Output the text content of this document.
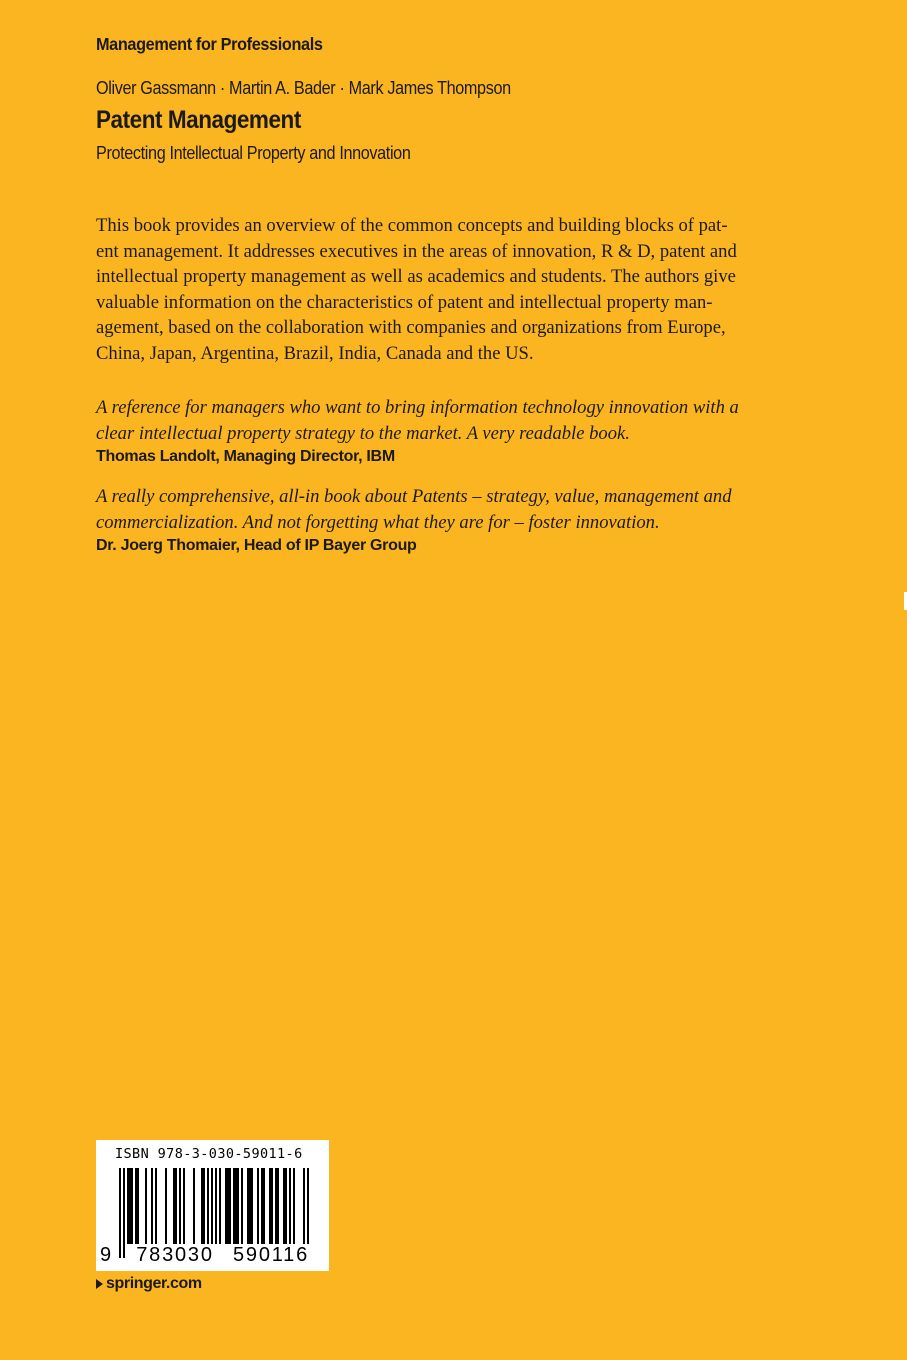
Management for Professionals
Oliver Gassmann · Martin A. Bader · Mark James Thompson
Patent Management
Protecting Intellectual Property and Innovation
This book provides an overview of the common concepts and building blocks of pat-
ent management. It addresses executives in the areas of innovation, R & D, patent and
intellectual property management as well as academics and students. The authors give
valuable information on the characteristics of patent and intellectual property man-
agement, based on the collaboration with companies and organizations from Europe,
China, Japan, Argentina, Brazil, India, Canada and the US.
A reference for managers who want to bring information technology innovation with a
clear intellectual property strategy to the market. A very readable book.
Thomas Landolt, Managing Director, IBM
A really comprehensive, all-in book about Patents – strategy, value, management and
commercialization. And not forgetting what they are for – foster innovation.
Dr. Joerg Thomaier, Head of IP Bayer Group
ISBN 978-3-030-59011-6
9	783030 590116
springer.com
